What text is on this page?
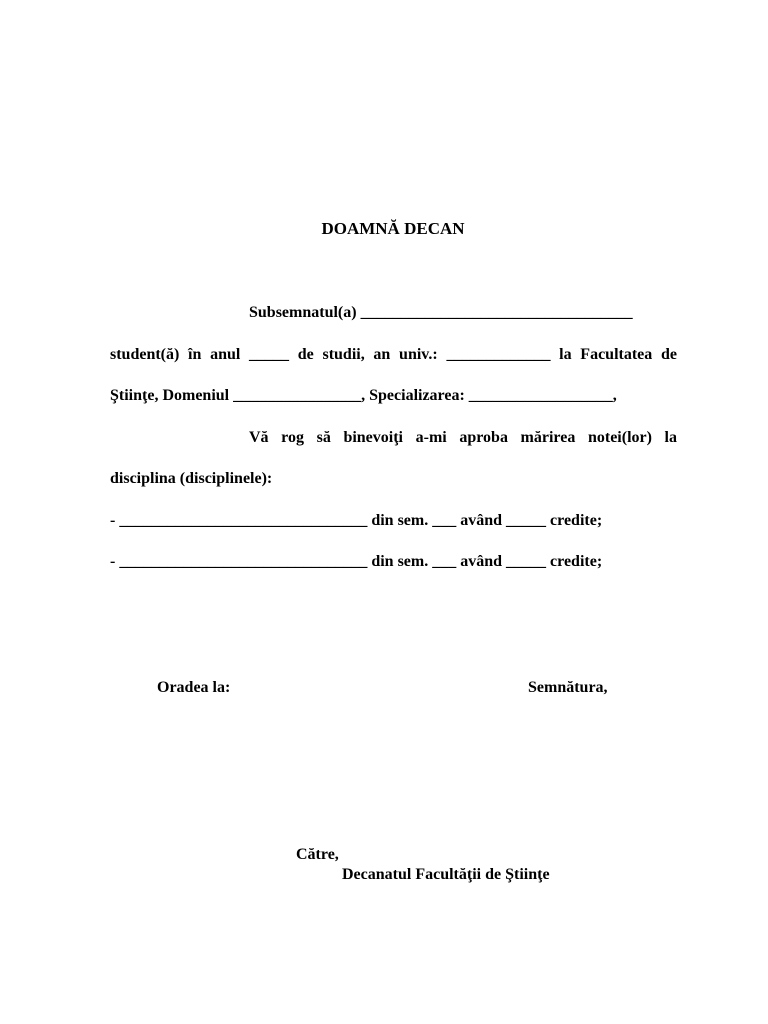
DOAMNĂ DECAN
Subsemnatul(a) __________________________________
student(ă) în anul _____ de studii, an univ.: _____________ la Facultatea de
Ştiinţe, Domeniul ________________, Specializarea: __________________,
Vă rog să binevoiţi a-mi aproba mărirea notei(lor) la
disciplina (disciplinele):
- _______________________________ din sem. ___ având _____ credite;
- _______________________________ din sem. ___ având _____ credite;
Oradea la:	Semnătura,
Către,
Decanatul Facultăţii de Ştiinţe
